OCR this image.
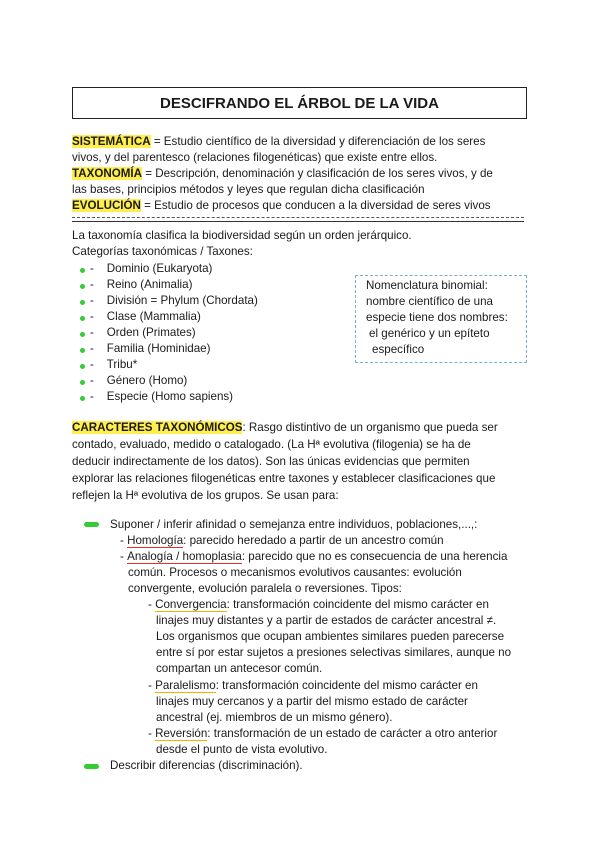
DESCIFRANDO EL ÁRBOL DE LA VIDA
SISTEMÁTICA = Estudio científico de la diversidad y diferenciación de los seres
vivos, y del parentesco (relaciones filogenéticas) que existe entre ellos.
TAXONOMÍA = Descripción, denominación y clasificación de los seres vivos, y de
las bases, principios métodos y leyes que regulan dicha clasificación
EVOLUCIÓN = Estudio de procesos que conducen a la diversidad de seres vivos
La taxonomía clasifica la biodiversidad según un orden jerárquico.
Categorías taxonómicas / Taxones:
-    Dominio (Eukaryota)
-    Reino (Animalia)
-    División = Phylum (Chordata)
-    Clase (Mammalia)
-    Orden (Primates)
-    Familia (Hominidae)
-    Tribu*
-    Género (Homo)
-    Especie (Homo sapiens)
Nomenclatura binomial:
nombre científico de una
especie tiene dos nombres:
el genérico y un epíteto
específico
CARACTERES TAXONÓMICOS: Rasgo distintivo de un organismo que pueda ser
contado, evaluado, medido o catalogado. (La Hª evolutiva (filogenia) se ha de
deducir indirectamente de los datos). Son las únicas evidencias que permiten
explorar las relaciones filogenéticas entre taxones y establecer clasificaciones que
reflejen la Hª evolutiva de los grupos. Se usan para:
Suponer / inferir afinidad o semejanza entre individuos, poblaciones,...,:
- Homología: parecido heredado a partir de un ancestro común
- Analogía / homoplasia: parecido que no es consecuencia de una herencia
común. Procesos o mecanismos evolutivos causantes: evolución
convergente, evolución paralela o reversiones. Tipos:
- Convergencia: transformación coincidente del mismo carácter en
linajes muy distantes y a partir de estados de carácter ancestral ≠.
Los organismos que ocupan ambientes similares pueden parecerse
entre sí por estar sujetos a presiones selectivas similares, aunque no
compartan un antecesor común.
- Paralelismo: transformación coincidente del mismo carácter en
linajes muy cercanos y a partir del mismo estado de carácter
ancestral (ej. miembros de un mismo género).
- Reversión: transformación de un estado de carácter a otro anterior
desde el punto de vista evolutivo.
Describir diferencias (discriminación).
